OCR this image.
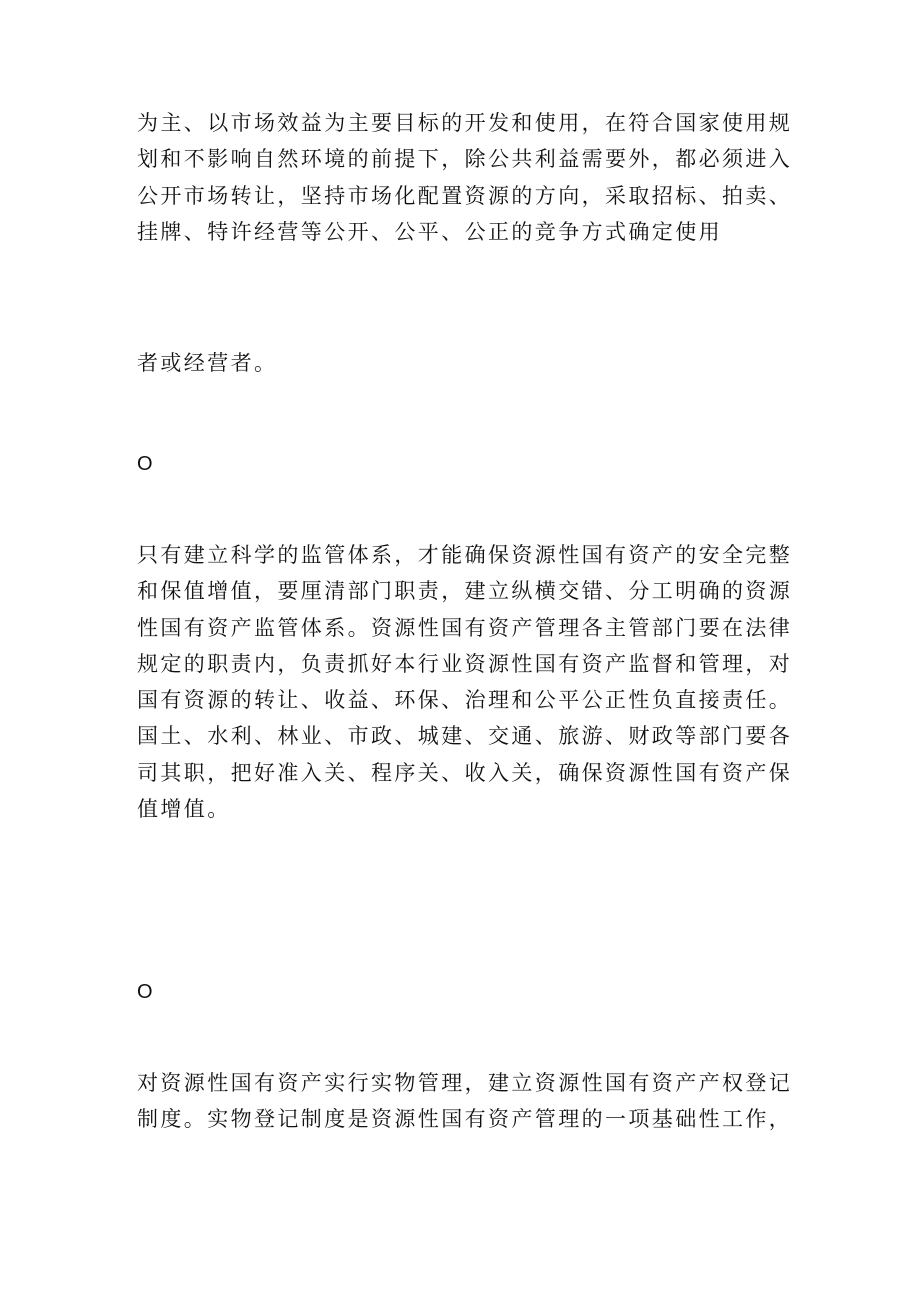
为主、以市场效益为主要目标的开发和使用，在符合国家使用规
划和不影响自然环境的前提下，除公共利益需要外，都必须进入
公开市场转让，坚持市场化配置资源的方向，采取招标、拍卖、
挂牌、特许经营等公开、公平、公正的竞争方式确定使用
者或经营者。
O
只有建立科学的监管体系，才能确保资源性国有资产的安全完整
和保值增值，要厘清部门职责，建立纵横交错、分工明确的资源
性国有资产监管体系。资源性国有资产管理各主管部门要在法律
规定的职责内，负责抓好本行业资源性国有资产监督和管理，对
国有资源的转让、收益、环保、治理和公平公正性负直接责任。
国土、水利、林业、市政、城建、交通、旅游、财政等部门要各
司其职，把好准入关、程序关、收入关，确保资源性国有资产保
值增值。
O
对资源性国有资产实行实物管理，建立资源性国有资产产权登记
制度。实物登记制度是资源性国有资产管理的一项基础性工作，
